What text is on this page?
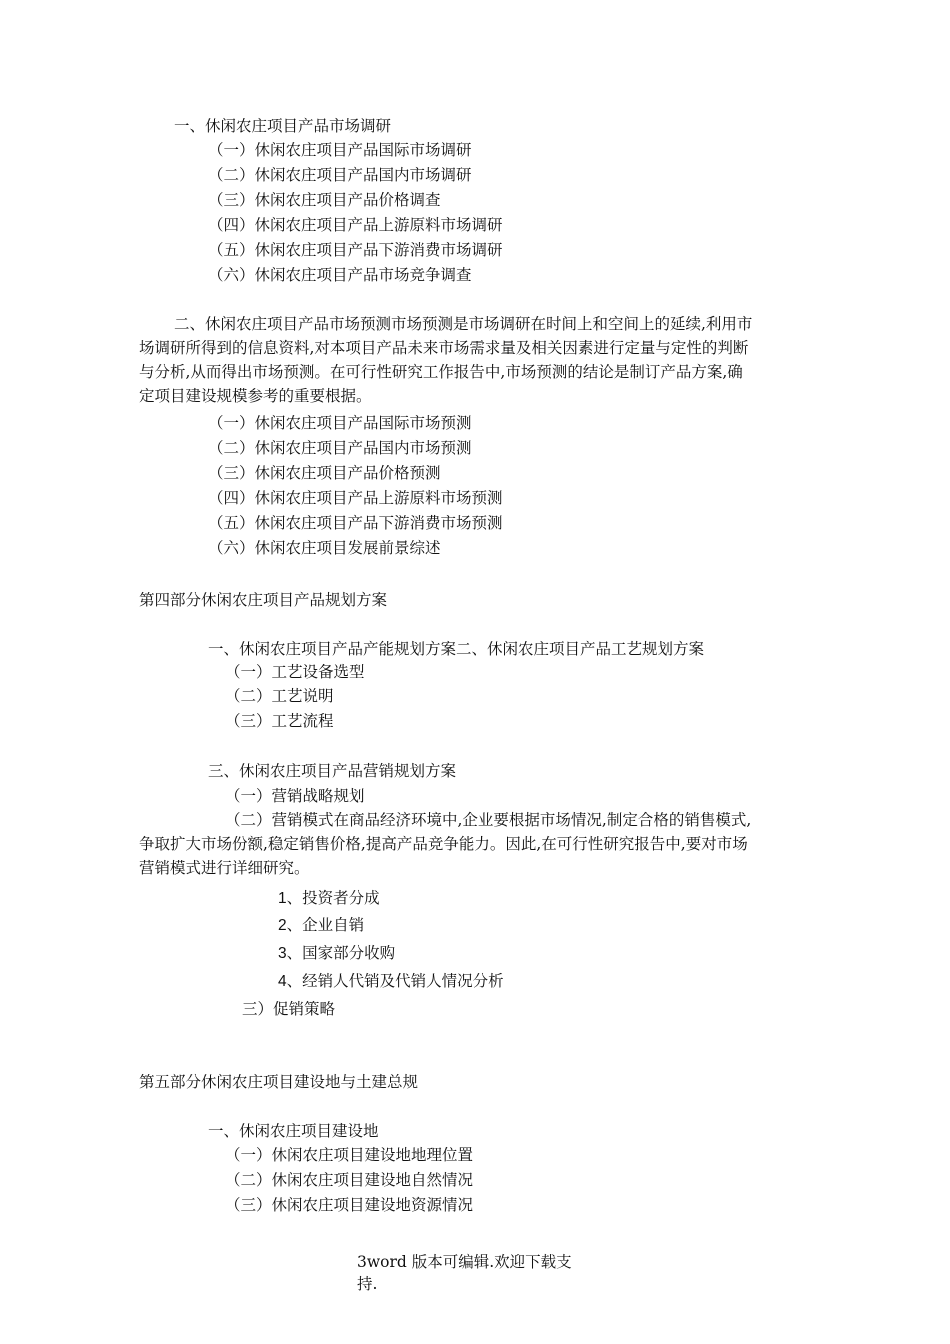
一、休闲农庄项目产品市场调研
（一）休闲农庄项目产品国际市场调研
（二）休闲农庄项目产品国内市场调研
（三）休闲农庄项目产品价格调查
（四）休闲农庄项目产品上游原料市场调研
（五）休闲农庄项目产品下游消费市场调研
（六）休闲农庄项目产品市场竞争调查
二、休闲农庄项目产品市场预测市场预测是市场调研在时间上和空间上的延续,利用市
场调研所得到的信息资料,对本项目产品未来市场需求量及相关因素进行定量与定性的判断
与分析,从而得出市场预测。在可行性研究工作报告中,市场预测的结论是制订产品方案,确
定项目建设规模参考的重要根据。
（一）休闲农庄项目产品国际市场预测
（二）休闲农庄项目产品国内市场预测
（三）休闲农庄项目产品价格预测
（四）休闲农庄项目产品上游原料市场预测
（五）休闲农庄项目产品下游消费市场预测
（六）休闲农庄项目发展前景综述
第四部分休闲农庄项目产品规划方案
一、休闲农庄项目产品产能规划方案二、休闲农庄项目产品工艺规划方案
（一）工艺设备选型
（二）工艺说明
（三）工艺流程
三、休闲农庄项目产品营销规划方案
（一）营销战略规划
（二）营销模式在商品经济环境中,企业要根据市场情况,制定合格的销售模式,
争取扩大市场份额,稳定销售价格,提高产品竞争能力。因此,在可行性研究报告中,要对市场
营销模式进行详细研究。
1、投资者分成
2、企业自销
3、国家部分收购
4、经销人代销及代销人情况分析
三）促销策略
第五部分休闲农庄项目建设地与土建总规
一、休闲农庄项目建设地
（一）休闲农庄项目建设地地理位置
（二）休闲农庄项目建设地自然情况
（三）休闲农庄项目建设地资源情况
3word 版本可编辑.欢迎下载支
持.
